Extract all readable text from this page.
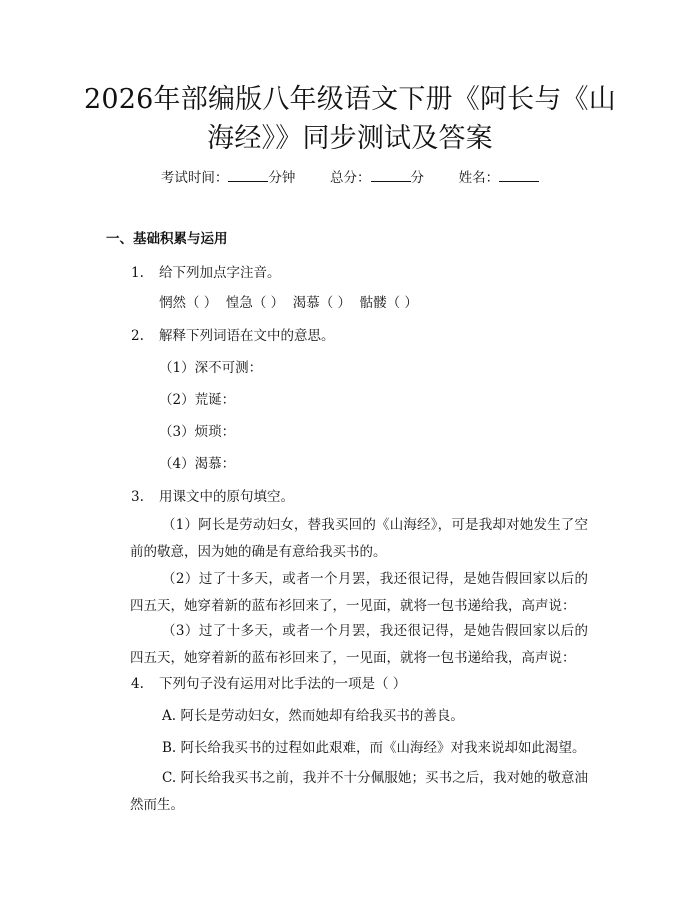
2026年部编版八年级语文下册《阿长与《山海经》》同步测试及答案
考试时间：	分钟	总分：	分	姓名：
一、基础积累与运用
1. 给下列加点字注音。
惘然（ ）  惶急（ ）  渴慕（ ）  骷髅（ ）
2. 解释下列词语在文中的意思。
（1）深不可测：
（2）荒诞：
（3）烦琐：
（4）渴慕：
3. 用课文中的原句填空。
（1）阿长是劳动妇女，替我买回的《山海经》，可是我却对她发生了空前的敬意，因为她的确是有意给我买书的。
（2）过了十多天，或者一个月罢，我还很记得，是她告假回家以后的四五天，她穿着新的蓝布衫回来了，一见面，就将一包书递给我，高声说：
（3）过了十多天，或者一个月罢，我还很记得，是她告假回家以后的四五天，她穿着新的蓝布衫回来了，一见面，就将一包书递给我，高声说：
4. 下列句子没有运用对比手法的一项是（ ）
A. 阿长是劳动妇女，然而她却有给我买书的善良。
B. 阿长给我买书的过程如此艰难，而《山海经》对我来说却如此渴望。
C. 阿长给我买书之前，我并不十分佩服她；买书之后，我对她的敬意油然而生。
